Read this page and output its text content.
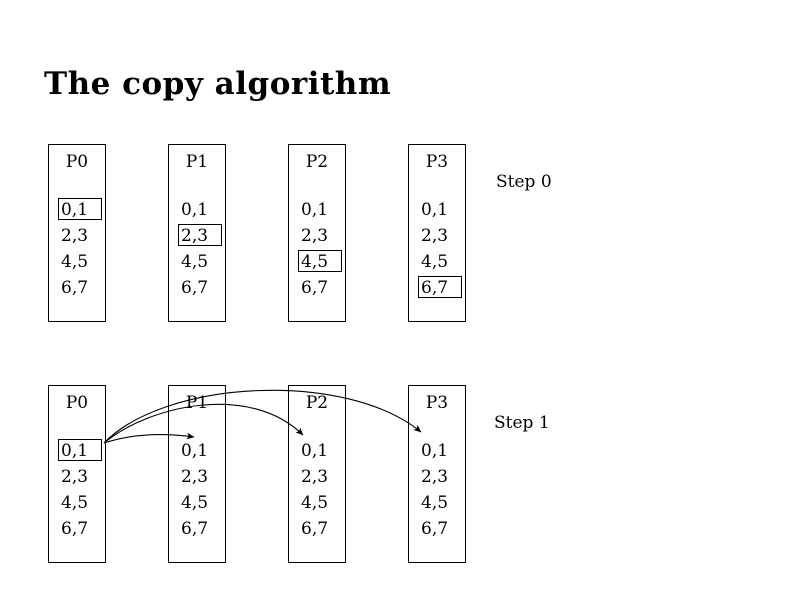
The copy algorithm
P0
0,1
2,3
4,5
6,7
P1
0,1
2,3
4,5
6,7
P2
0,1
2,3
4,5
6,7
P3
0,1
2,3
4,5
6,7
Step 0
P0
0,1
2,3
4,5
6,7
P1
0,1
2,3
4,5
6,7
P2
0,1
2,3
4,5
6,7
P3
0,1
2,3
4,5
6,7
Step 1
